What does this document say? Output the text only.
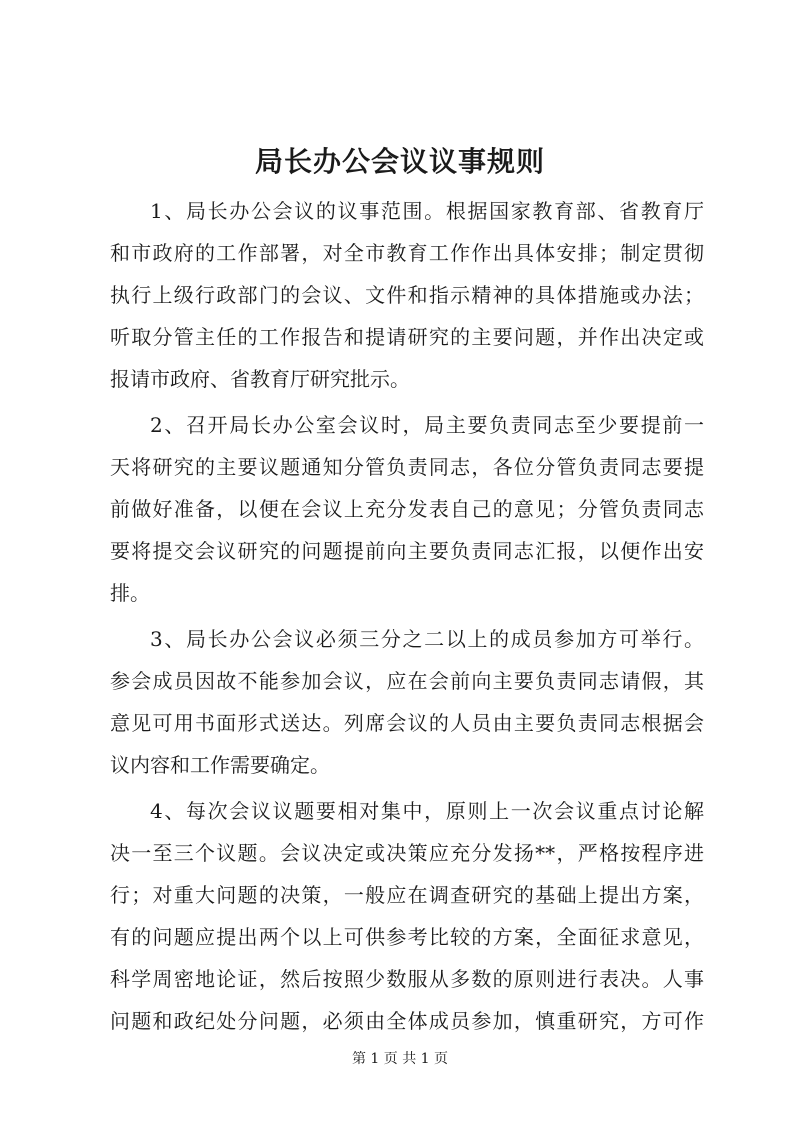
局长办公会议议事规则
1、局长办公会议的议事范围。根据国家教育部、省教育厅
和市政府的工作部署，对全市教育工作作出具体安排；制定贯彻
执行上级行政部门的会议、文件和指示精神的具体措施或办法；
听取分管主任的工作报告和提请研究的主要问题，并作出决定或
报请市政府、省教育厅研究批示。
2、召开局长办公室会议时，局主要负责同志至少要提前一
天将研究的主要议题通知分管负责同志，各位分管负责同志要提
前做好准备，以便在会议上充分发表自己的意见；分管负责同志
要将提交会议研究的问题提前向主要负责同志汇报，以便作出安
排。
3、局长办公会议必须三分之二以上的成员参加方可举行。
参会成员因故不能参加会议，应在会前向主要负责同志请假，其
意见可用书面形式送达。列席会议的人员由主要负责同志根据会
议内容和工作需要确定。
4、每次会议议题要相对集中，原则上一次会议重点讨论解
决一至三个议题。会议决定或决策应充分发扬**，严格按程序进
行；对重大问题的决策，一般应在调查研究的基础上提出方案，
有的问题应提出两个以上可供参考比较的方案，全面征求意见，
科学周密地论证，然后按照少数服从多数的原则进行表决。人事
问题和政纪处分问题，必须由全体成员参加，慎重研究，方可作
第 1 页 共 1 页
